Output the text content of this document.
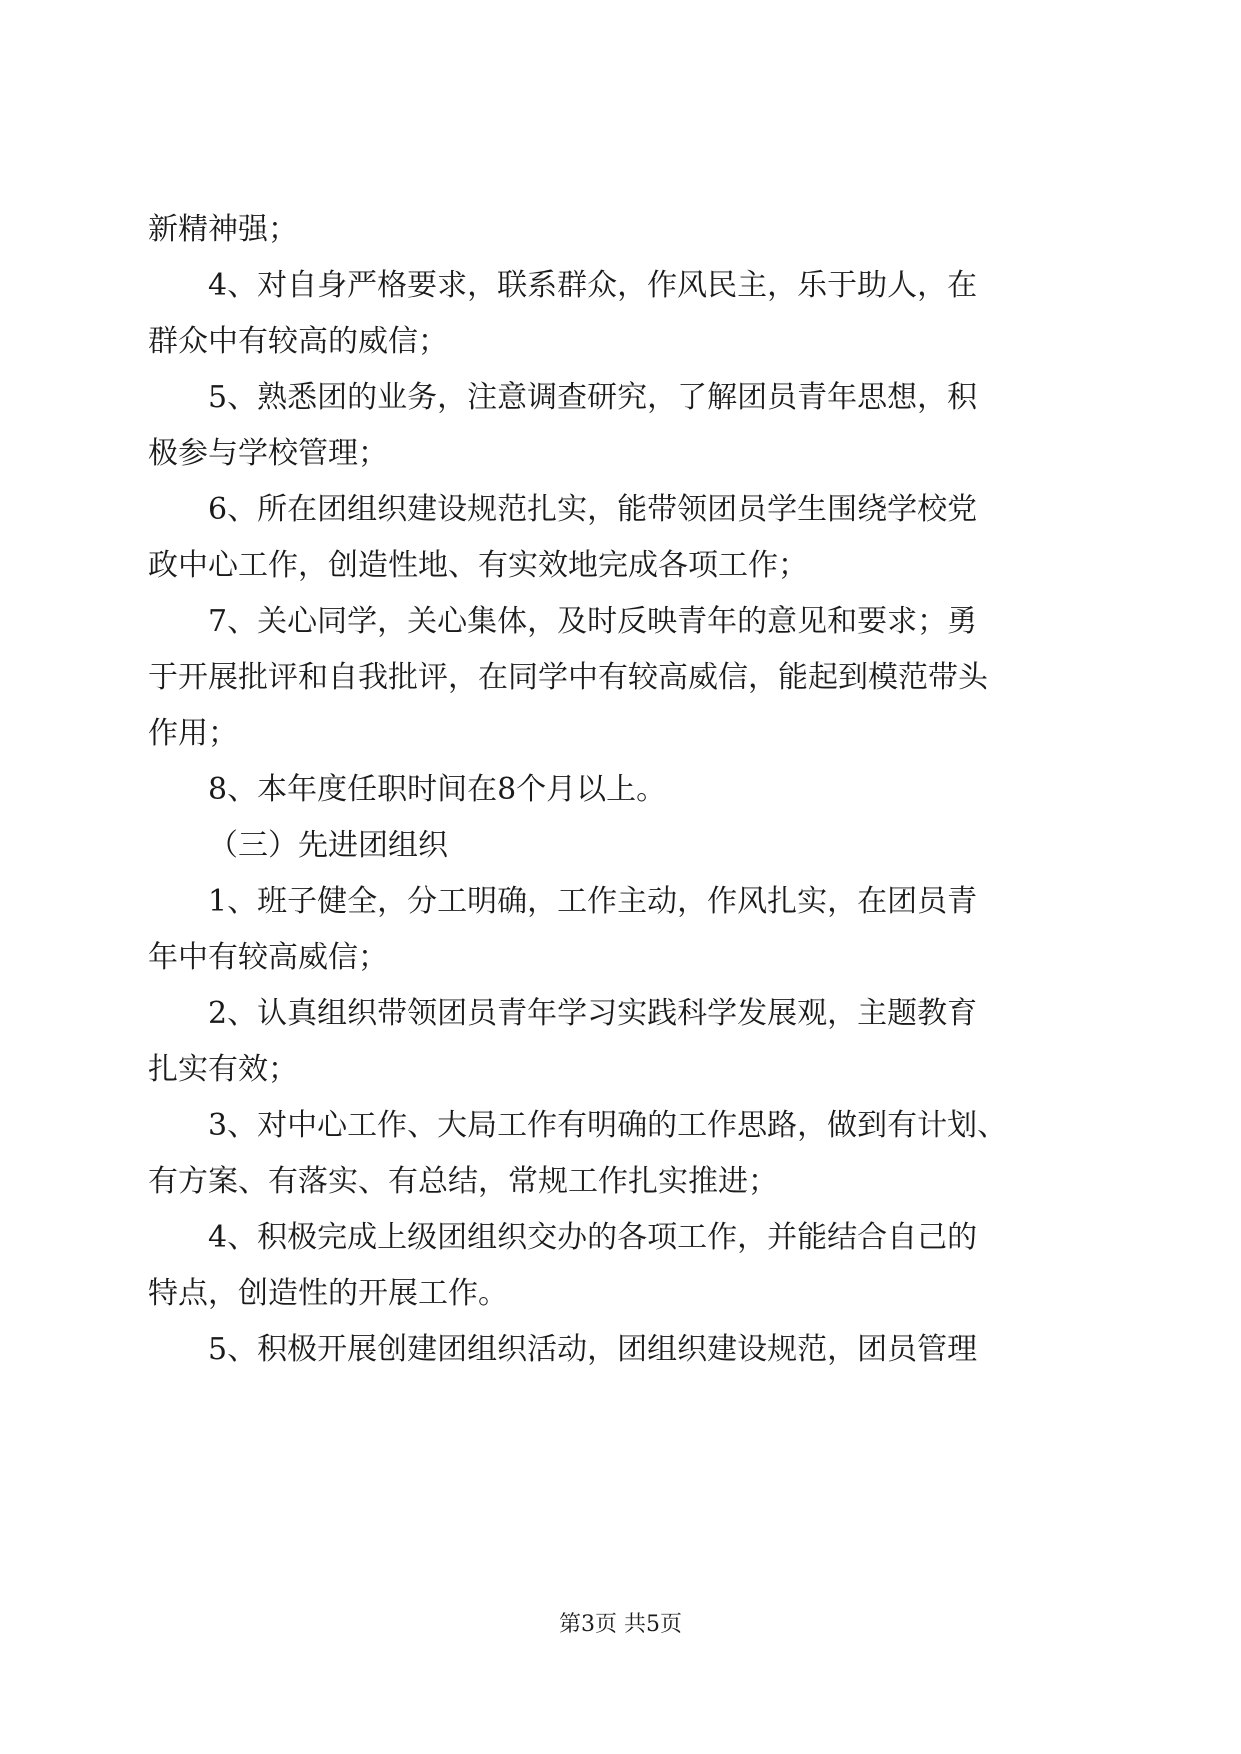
新精神强；
4、对自身严格要求，联系群众，作风民主，乐于助人，在
群众中有较高的威信；
5、熟悉团的业务，注意调查研究，了解团员青年思想，积
极参与学校管理；
6、所在团组织建设规范扎实，能带领团员学生围绕学校党
政中心工作，创造性地、有实效地完成各项工作；
7、关心同学，关心集体，及时反映青年的意见和要求；勇
于开展批评和自我批评，在同学中有较高威信，能起到模范带头
作用；
8、本年度任职时间在8个月以上。
（三）先进团组织
1、班子健全，分工明确，工作主动，作风扎实，在团员青
年中有较高威信；
2、认真组织带领团员青年学习实践科学发展观，主题教育
扎实有效；
3、对中心工作、大局工作有明确的工作思路，做到有计划、
有方案、有落实、有总结，常规工作扎实推进；
4、积极完成上级团组织交办的各项工作，并能结合自己的
特点，创造性的开展工作。
5、积极开展创建团组织活动，团组织建设规范，团员管理
第3页 共5页
